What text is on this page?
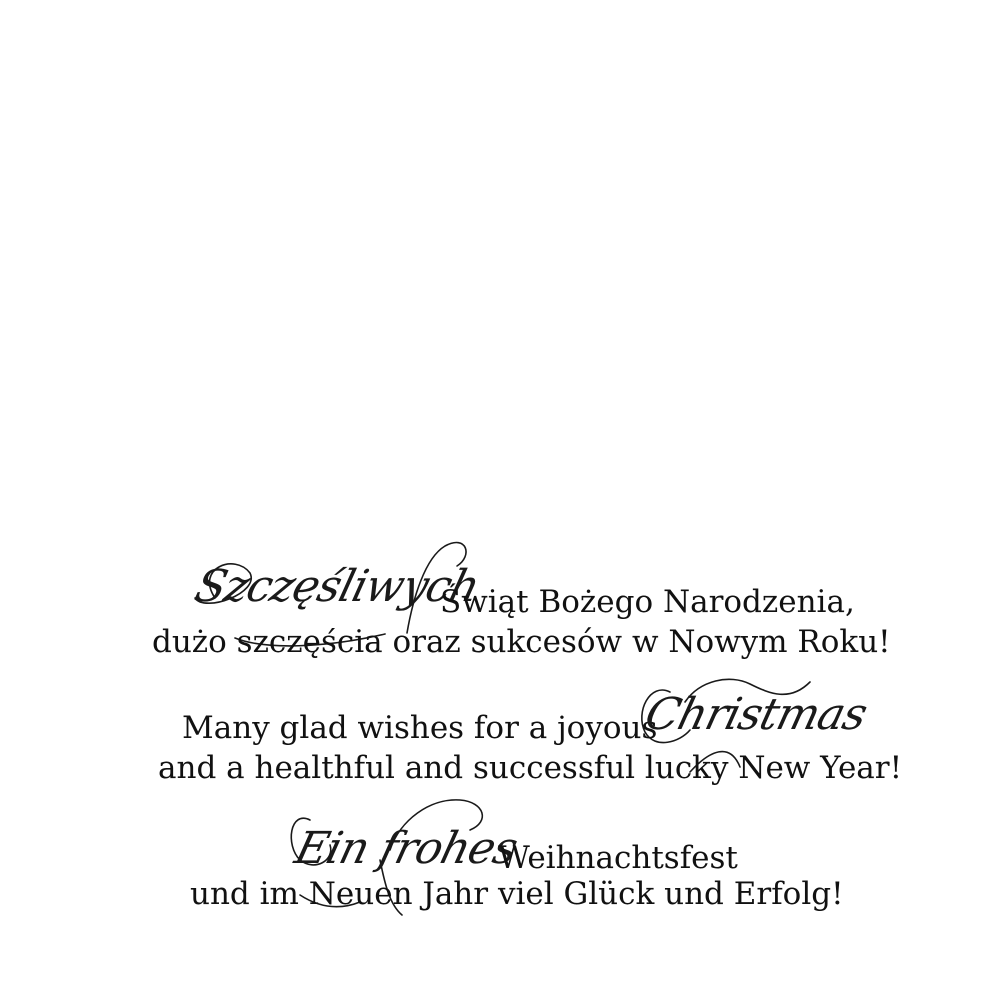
Szczęśliwych
Świąt Bożego Narodzenia,
dużo szczęścia oraz sukcesów w Nowym Roku!
Many glad wishes for a joyous
Christmas
and a healthful and successful lucky New Year!
Ein frohes
Weihnachtsfest
und im Neuen Jahr viel Glück und Erfolg!
